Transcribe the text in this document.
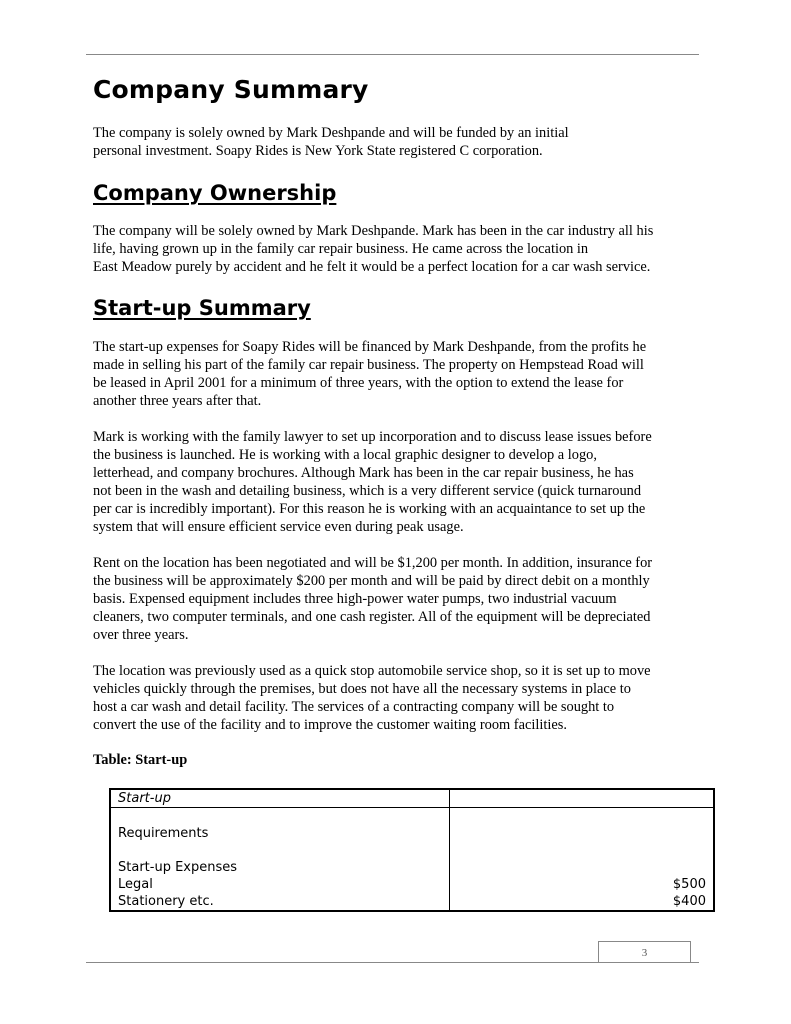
Company Summary

The company is solely owned by Mark Deshpande and will be funded by an initial
personal investment. Soapy Rides is New York State registered C corporation.

Company Ownership

The company will be solely owned by Mark Deshpande. Mark has been in the car industry all his
life, having grown up in the family car repair business. He came across the location in
East Meadow purely by accident and he felt it would be a perfect location for a car wash service.

Start-up Summary

The start-up expenses for Soapy Rides will be financed by Mark Deshpande, from the profits he
made in selling his part of the family car repair business. The property on Hempstead Road will
be leased in April 2001 for a minimum of three years, with the option to extend the lease for
another three years after that.

Mark is working with the family lawyer to set up incorporation and to discuss lease issues before
the business is launched. He is working with a local graphic designer to develop a logo,
letterhead, and company brochures. Although Mark has been in the car repair business, he has
not been in the wash and detailing business, which is a very different service (quick turnaround
per car is incredibly important). For this reason he is working with an acquaintance to set up the
system that will ensure efficient service even during peak usage.

Rent on the location has been negotiated and will be $1,200 per month. In addition, insurance for
the business will be approximately $200 per month and will be paid by direct debit on a monthly
basis. Expensed equipment includes three high-power water pumps, two industrial vacuum
cleaners, two computer terminals, and one cash register. All of the equipment will be depreciated
over three years.

The location was previously used as a quick stop automobile service shop, so it is set up to move
vehicles quickly through the premises, but does not have all the necessary systems in place to
host a car wash and detail facility. The services of a contracting company will be sought to
convert the use of the facility and to improve the customer waiting room facilities.

Table: Start-up

Start-up	
Requirements	
Start-up Expenses	
Legal	$500
Stationery etc.	$400
3
